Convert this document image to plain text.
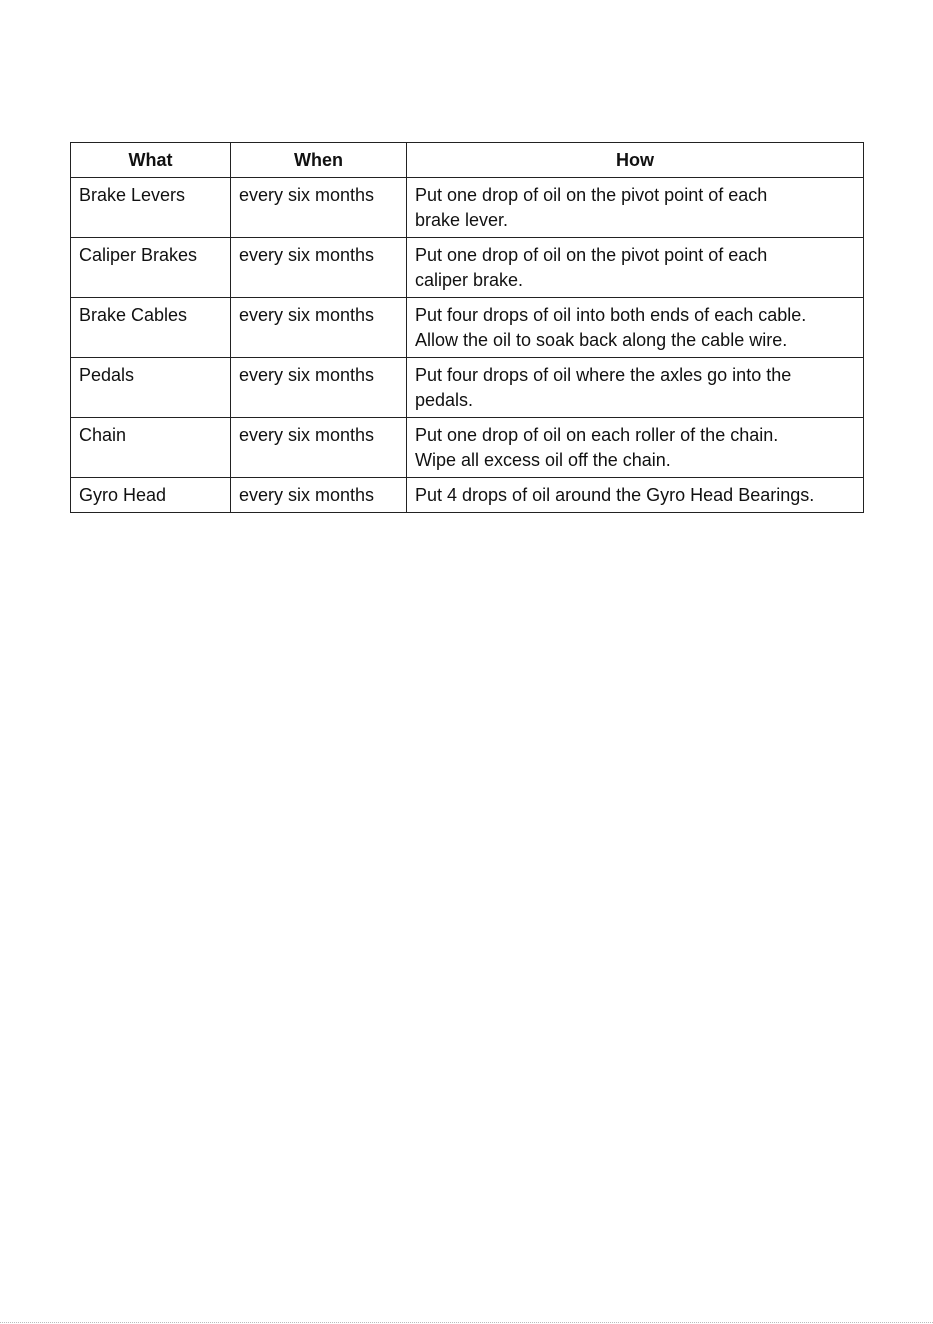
What	When	How
Brake Levers	every six months	Put one drop of oil on the pivot point of each
brake lever.

Caliper Brakes	every six months	Put one drop of oil on the pivot point of each
caliper brake.

Brake Cables	every six months	Put four drops of oil into both ends of each cable.
Allow the oil to soak back along the cable wire.

Pedals	every six months	Put four drops of oil where the axles go into the
pedals.

Chain	every six months	Put one drop of oil on each roller of the chain.
Wipe all excess oil off the chain.

Gyro Head	every six months	Put 4 drops of oil around the Gyro Head Bearings.
